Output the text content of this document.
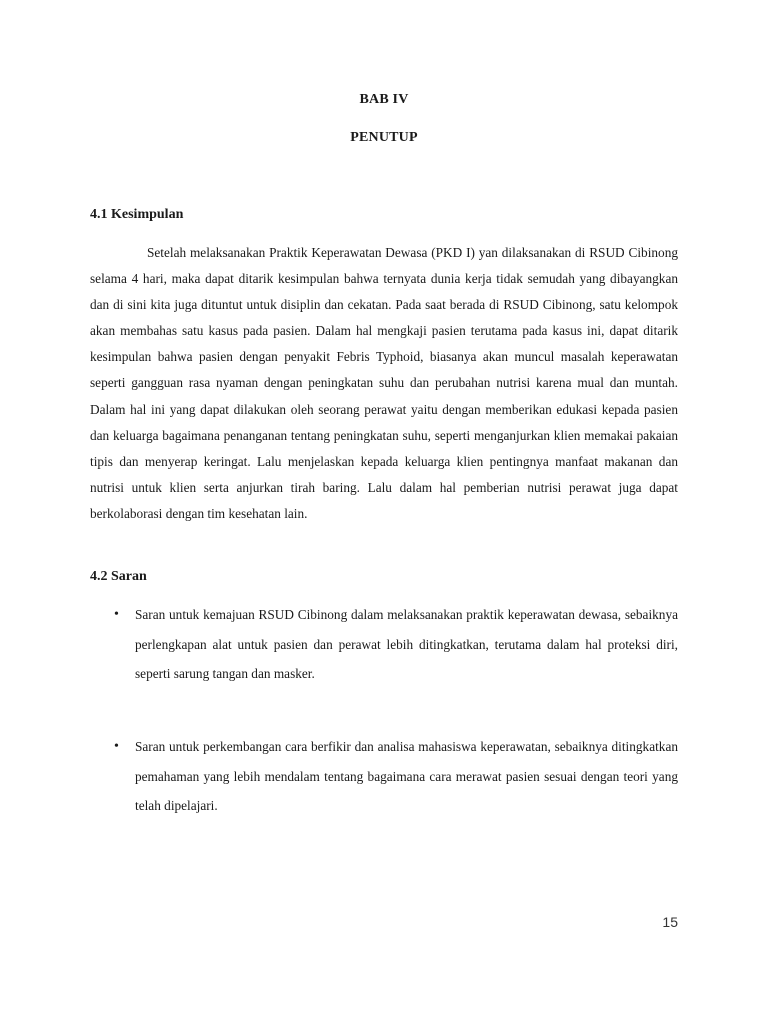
BAB IV
PENUTUP
4.1 Kesimpulan

Setelah melaksanakan Praktik Keperawatan Dewasa (PKD I) yan dilaksanakan di RSUD Cibinong selama 4 hari, maka dapat ditarik kesimpulan bahwa ternyata dunia kerja tidak semudah yang dibayangkan dan di sini kita juga dituntut untuk disiplin dan cekatan. Pada saat berada di RSUD Cibinong, satu kelompok akan membahas satu kasus pada pasien. Dalam hal mengkaji pasien terutama pada kasus ini, dapat ditarik kesimpulan bahwa pasien dengan penyakit Febris Typhoid, biasanya akan muncul masalah keperawatan seperti gangguan rasa nyaman dengan peningkatan suhu dan perubahan nutrisi karena mual dan muntah. Dalam hal ini yang dapat dilakukan oleh seorang perawat yaitu dengan memberikan edukasi kepada pasien dan keluarga bagaimana penanganan tentang peningkatan suhu, seperti menganjurkan klien memakai pakaian tipis dan menyerap keringat. Lalu menjelaskan kepada keluarga klien pentingnya manfaat makanan dan nutrisi untuk klien serta anjurkan tirah baring. Lalu dalam hal pemberian nutrisi perawat juga dapat berkolaborasi dengan tim kesehatan lain.

4.2 Saran
• Saran untuk kemajuan RSUD Cibinong dalam melaksanakan praktik keperawatan dewasa, sebaiknya perlengkapan alat untuk pasien dan perawat lebih ditingkatkan, terutama dalam hal proteksi diri, seperti sarung tangan dan masker.

• Saran untuk perkembangan cara berfikir dan analisa mahasiswa keperawatan, sebaiknya ditingkatkan pemahaman yang lebih mendalam tentang bagaimana cara merawat pasien sesuai dengan teori yang telah dipelajari.

15
